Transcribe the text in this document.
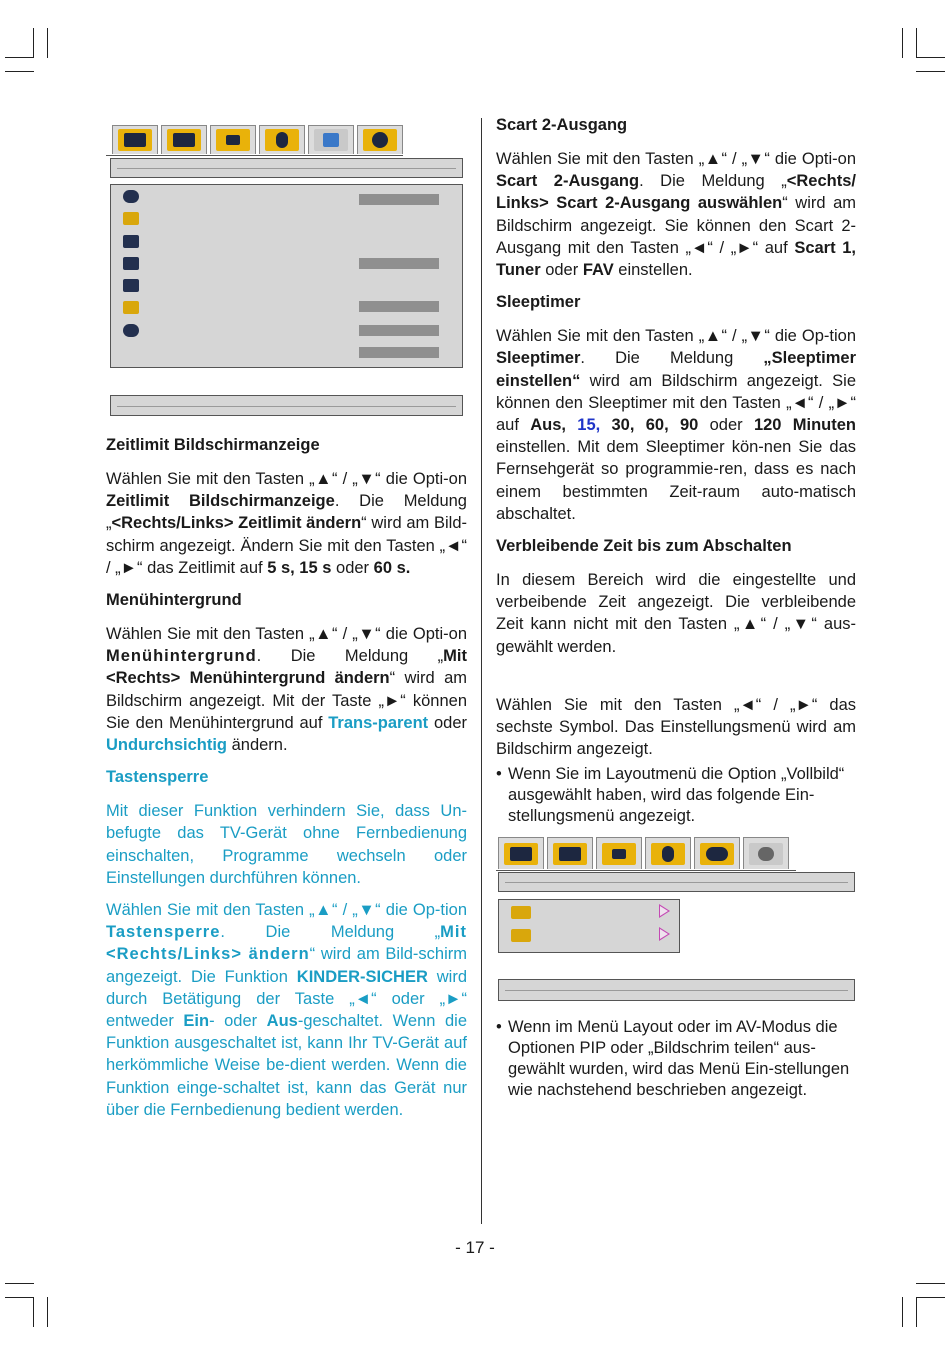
Zeitlimit Bildschirmanzeige

Wählen Sie mit den Tasten „▲“ / „▼“ die Opti-on Zeitlimit Bildschirmanzeige. Die Meldung „<Rechts/Links> Zeitlimit ändern“ wird am Bild-schirm angezeigt. Ändern Sie mit den Tasten „◄“ / „►“ das Zeitlimit auf 5 s, 15 s oder 60 s.

Menühintergrund

Wählen Sie mit den Tasten „▲“ / „▼“ die Opti-on Menühintergrund. Die Meldung „Mit <Rechts> Menühintergrund ändern“ wird am Bildschirm angezeigt. Mit der Taste „►“ können Sie den Menühintergrund auf Trans-parent oder Undurchsichtig ändern.

Tastensperre

Mit dieser Funktion verhindern Sie, dass Un-befugte das TV-Gerät ohne Fernbedienung einschalten, Programme wechseln oder Einstellungen durchführen können.

Wählen Sie mit den Tasten „▲“ / „▼“ die Op-tion Tastensperre. Die Meldung „Mit <Rechts/Links> ändern“ wird am Bild-schirm angezeigt. Die Funktion KINDER-SICHER wird durch Betätigung der Taste „◄“ oder „►“ entweder Ein- oder Aus-geschaltet. Wenn die Funktion ausgeschaltet ist, kann Ihr TV-Gerät auf herkömmliche Weise be-dient werden. Wenn die Funktion einge-schaltet ist, kann das Gerät nur über die Fernbedienung bedient werden.

Scart 2-Ausgang

Wählen Sie mit den Tasten „▲“ / „▼“ die Opti-on Scart 2-Ausgang. Die Meldung „<Rechts/ Links> Scart 2-Ausgang auswählen“ wird am Bildschirm angezeigt. Sie können den Scart 2-Ausgang mit den Tasten „◄“ / „►“ auf Scart 1, Tuner oder FAV einstellen.

Sleeptimer

Wählen Sie mit den Tasten „▲“ / „▼“ die Op-tion Sleeptimer. Die Meldung „Sleeptimer einstellen“ wird am Bildschirm angezeigt. Sie können den Sleeptimer mit den Tasten „◄“ / „►“ auf Aus, 15, 30, 60, 90 oder 120 Minuten einstellen. Mit dem Sleeptimer kön-nen Sie das Fernsehgerät so programmie-ren, dass es nach einem bestimmten Zeit-raum auto-matisch abschaltet.

Verbleibende Zeit bis zum Abschalten

In diesem Bereich wird die eingestellte und verbeibende Zeit angezeigt. Die verbleibende Zeit kann nicht mit den Tasten „▲“ / „▼“ aus-gewählt werden.

Wählen Sie mit den Tasten „◄“ / „►“ das sechste Symbol. Das Einstellungsmenü wird am Bildschirm angezeigt.

• Wenn Sie im Layoutmenü die Option „Vollbild“ ausgewählt haben, wird das folgende Ein-stellungsmenü angezeigt.
• Wenn im Menü Layout oder im AV-Modus die Optionen PIP oder „Bildschrim teilen“ aus-gewählt wurden, wird das Menü Ein-stellungen wie nachstehend beschrieben angezeigt.
- 17 -
